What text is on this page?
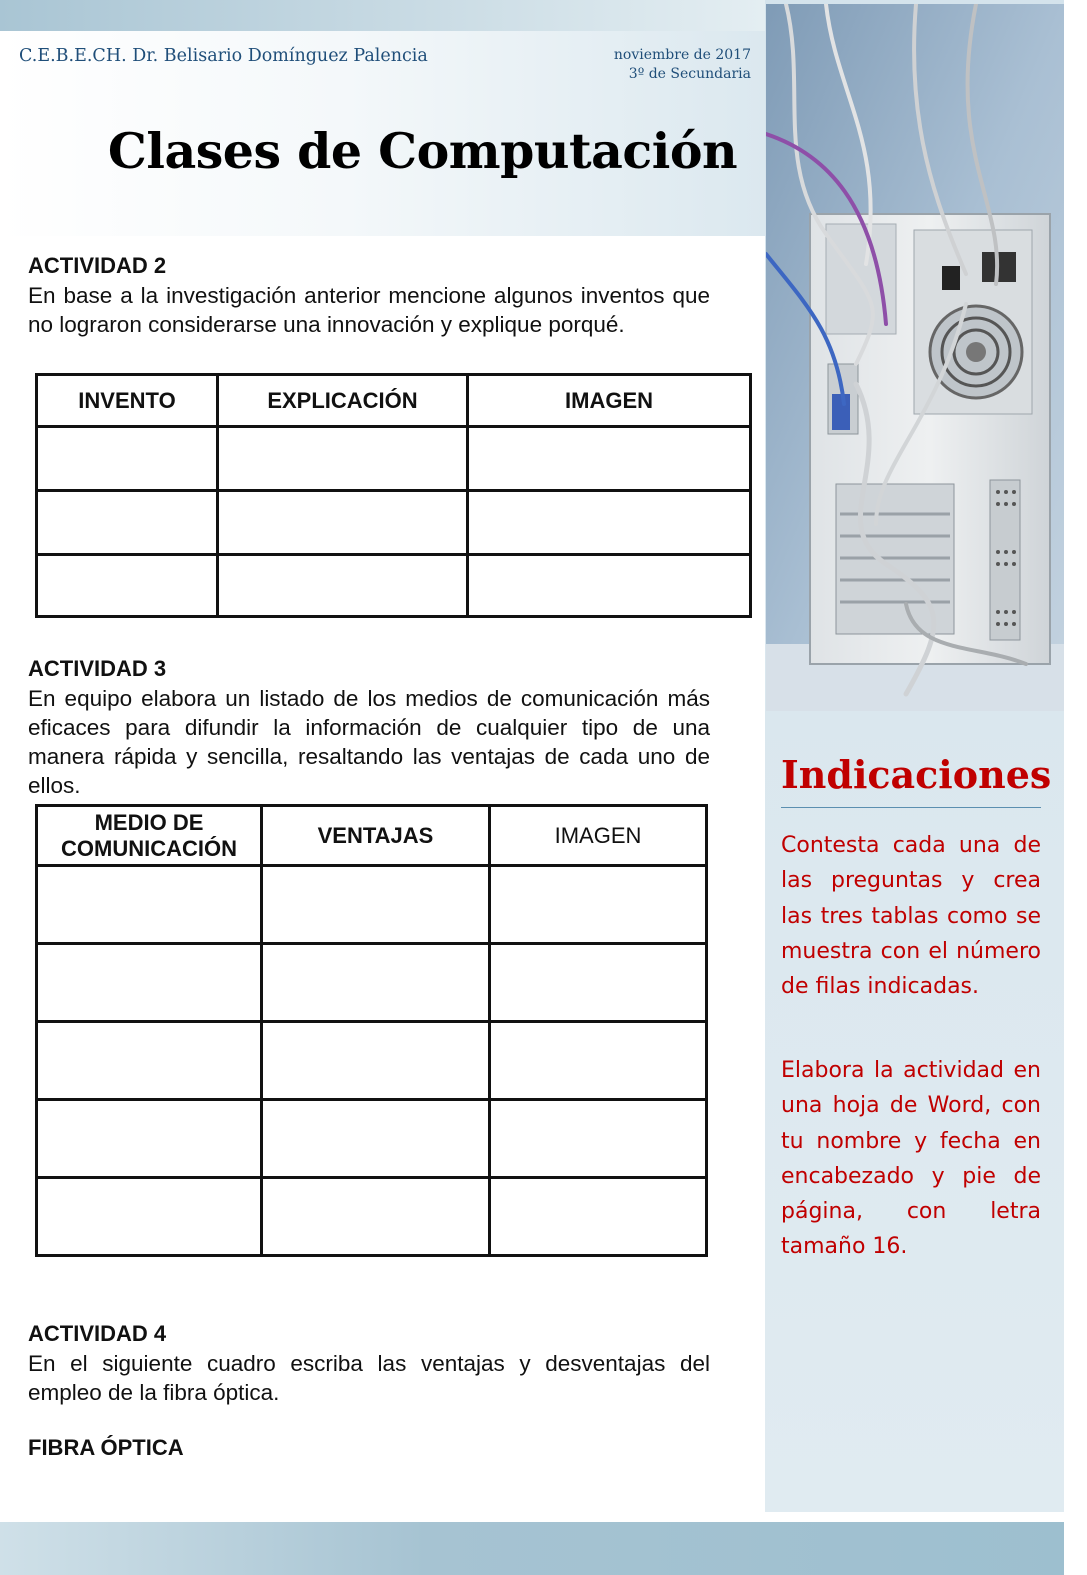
C.E.B.E.CH. Dr. Belisario Domínguez Palencia	noviembre de 2017
3º de Secundaria
Clases de Computación
Indicaciones

Contesta cada una de las preguntas y crea las tres tablas como se muestra con el número de filas indicadas.

Elabora la actividad en una hoja de Word, con tu nombre y fecha en encabezado y pie de página, con letra tamaño 16.

ACTIVIDAD 2

En base a la investigación anterior mencione algunos inventos que no lograron considerarse una innovación y explique porqué.

INVENTO	EXPLICACIÓN	IMAGEN

ACTIVIDAD 3

En equipo elabora un listado de los medios de comunicación más eficaces para difundir la información de cualquier tipo de una manera rápida y sencilla, resaltando las ventajas de cada uno de ellos.

MEDIO DE COMUNICACIÓN	VENTAJAS	IMAGEN

ACTIVIDAD 4

En el siguiente cuadro escriba las ventajas y desventajas del empleo de la fibra óptica.

FIBRA ÓPTICA
